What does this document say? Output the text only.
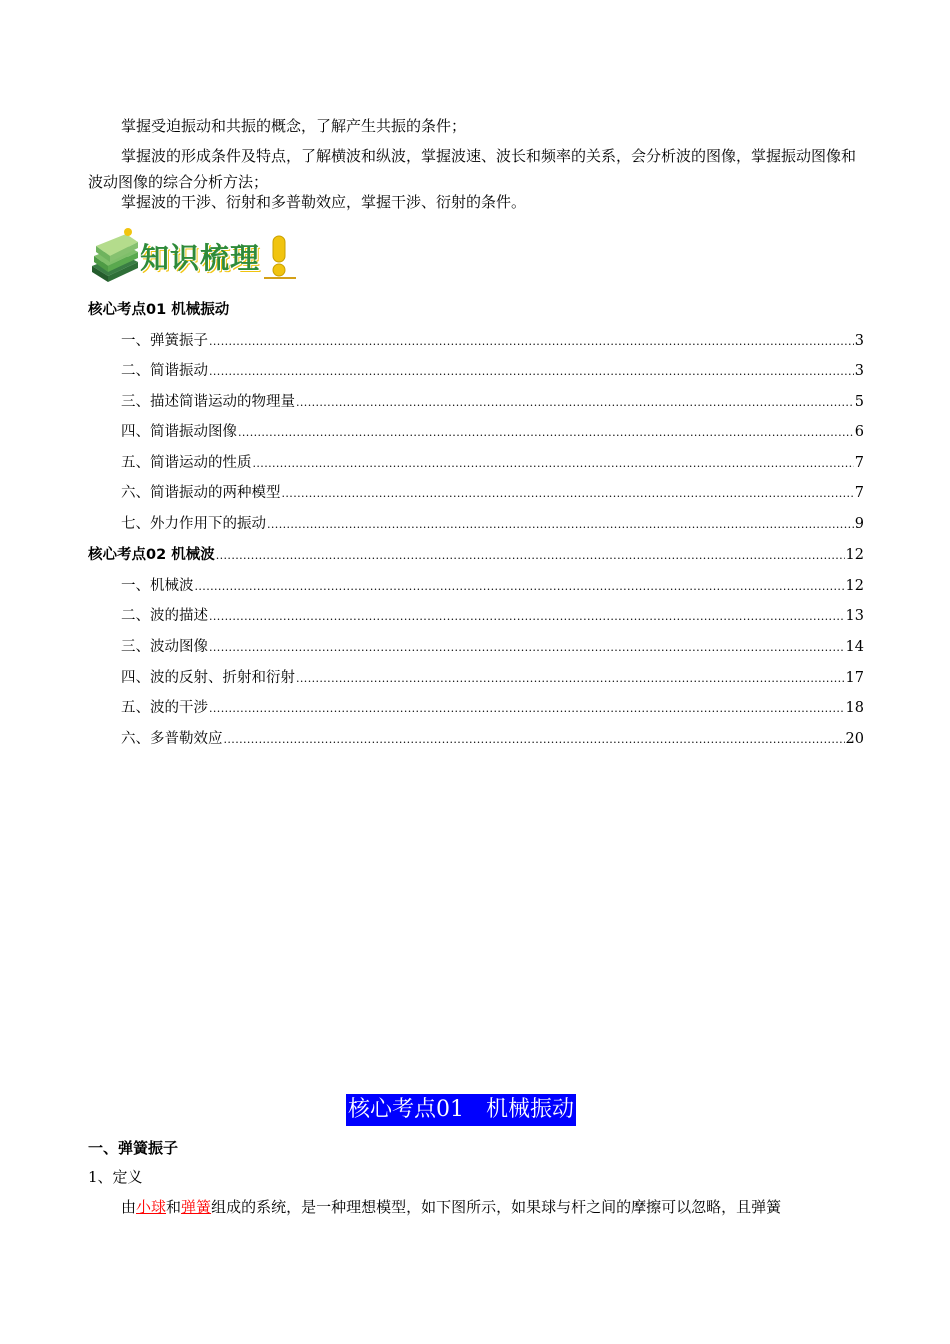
掌握受迫振动和共振的概念，了解产生共振的条件；

掌握波的形成条件及特点，了解横波和纵波，掌握波速、波长和频率的关系，会分析波的图像，掌握振动图像和波动图像的综合分析方法；

掌握波的干涉、衍射和多普勒效应，掌握干涉、衍射的条件。

知识梳理
核心考点01 机械振动
一、弹簧振子 .....	3
二、简谐振动 .....	3
三、描述简谐运动的物理量 .....	5
四、简谐振动图像 .....	6
五、简谐运动的性质 .....	7
六、简谐振动的两种模型 .....	7
七、外力作用下的振动 .....	9
核心考点02 机械波 .....	12
一、机械波 .....	12
二、波的描述 .....	13
三、波动图像 .....	14
四、波的反射、折射和衍射 .....	17
五、波的干涉 .....	18
六、多普勒效应 .....	20
核心考点01　机械振动
一、弹簧振子
1、定义

由小球和弹簧组成的系统，是一种理想模型，如下图所示，如果球与杆之间的摩擦可以忽略，且弹簧
